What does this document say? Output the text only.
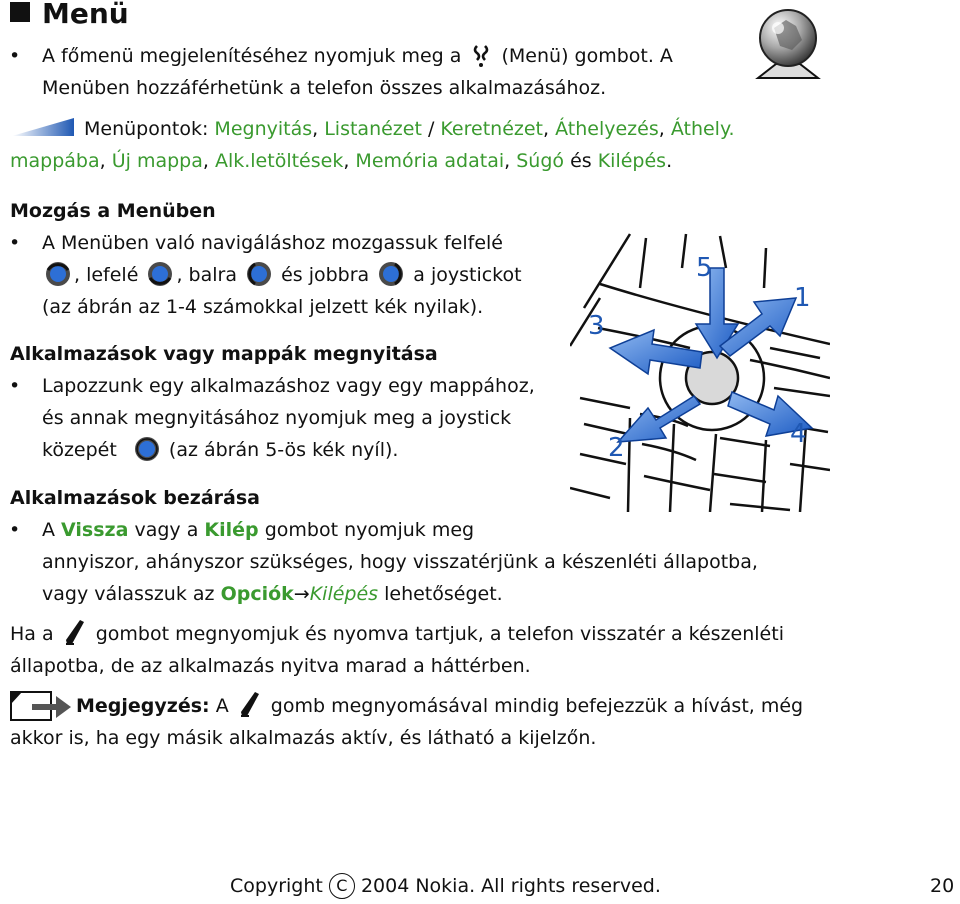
Menü
• A főmenü megjelenítéséhez nyomjuk meg a (Menü) gombot. A
Menüben hozzáférhetünk a telefon összes alkalmazásához.
Menüpontok: Megnyitás, Listanézet / Keretnézet, Áthelyezés, Áthely.
mappába, Új mappa, Alk.letöltések, Memória adatai, Súgó és Kilépés.
Mozgás a Menüben
• A Menüben való navigáláshoz mozgassuk felfelé
, lefelé , balra és jobbra a joystickot
(az ábrán az 1-4 számokkal jelzett kék nyilak).
Alkalmazások vagy mappák megnyitása
• Lapozzunk egy alkalmazáshoz vagy egy mappához,
és annak megnyitásához nyomjuk meg a joystick
közepét	(az ábrán 5-ös kék nyíl).
1
2
3
4
5
Alkalmazások bezárása
• A Vissza vagy a Kilép gombot nyomjuk meg
annyiszor, ahányszor szükséges, hogy visszatérjünk a készenléti állapotba,
vagy válasszuk az Opciók→Kilépés lehetőséget.
Ha a gombot megnyomjuk és nyomva tartjuk, a telefon visszatér a készenléti
állapotba, de az alkalmazás nyitva marad a háttérben.
Megjegyzés: A gomb megnyomásával mindig befejezzük a hívást, még
akkor is, ha egy másik alkalmazás aktív, és látható a kijelzőn.
Copyright C 2004 Nokia. All rights reserved.	20
